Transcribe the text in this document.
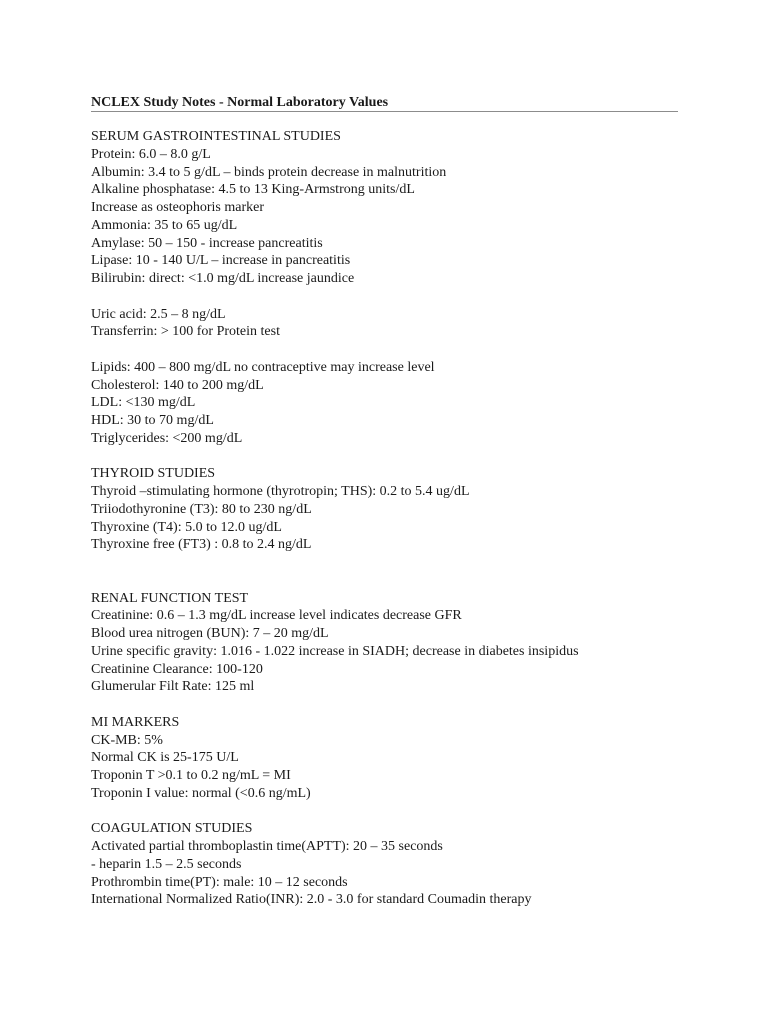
NCLEX Study Notes - Normal Laboratory Values
SERUM GASTROINTESTINAL STUDIES
Protein: 6.0 – 8.0 g/L
Albumin: 3.4 to 5 g/dL – binds protein decrease in malnutrition
Alkaline phosphatase: 4.5 to 13 King-Armstrong units/dL
Increase as osteophoris marker
Ammonia: 35 to 65 ug/dL
Amylase: 50 – 150 - increase pancreatitis
Lipase: 10 - 140 U/L – increase in pancreatitis
Bilirubin: direct: <1.0 mg/dL increase jaundice
Uric acid: 2.5 – 8 ng/dL
Transferrin: > 100 for Protein test
Lipids: 400 – 800 mg/dL no contraceptive may increase level
Cholesterol: 140 to 200 mg/dL
LDL: <130 mg/dL
HDL: 30 to 70 mg/dL
Triglycerides: <200 mg/dL
THYROID STUDIES
Thyroid –stimulating hormone (thyrotropin; THS): 0.2 to 5.4 ug/dL
Triiodothyronine (T3): 80 to 230 ng/dL
Thyroxine (T4): 5.0 to 12.0 ug/dL
Thyroxine free (FT3) : 0.8 to 2.4 ng/dL
RENAL FUNCTION TEST
Creatinine: 0.6 – 1.3 mg/dL increase level indicates decrease GFR
Blood urea nitrogen (BUN): 7 – 20 mg/dL
Urine specific gravity: 1.016 - 1.022 increase in SIADH; decrease in diabetes insipidus
Creatinine Clearance: 100-120
Glumerular Filt Rate: 125 ml
MI MARKERS
CK-MB: 5%
Normal CK is 25-175 U/L
Troponin T >0.1 to 0.2 ng/mL = MI
Troponin I value: normal (<0.6 ng/mL)
COAGULATION STUDIES
Activated partial thromboplastin time(APTT): 20 – 35 seconds
- heparin 1.5 – 2.5 seconds
Prothrombin time(PT): male: 10 – 12 seconds
International Normalized Ratio(INR): 2.0 - 3.0 for standard Coumadin therapy
